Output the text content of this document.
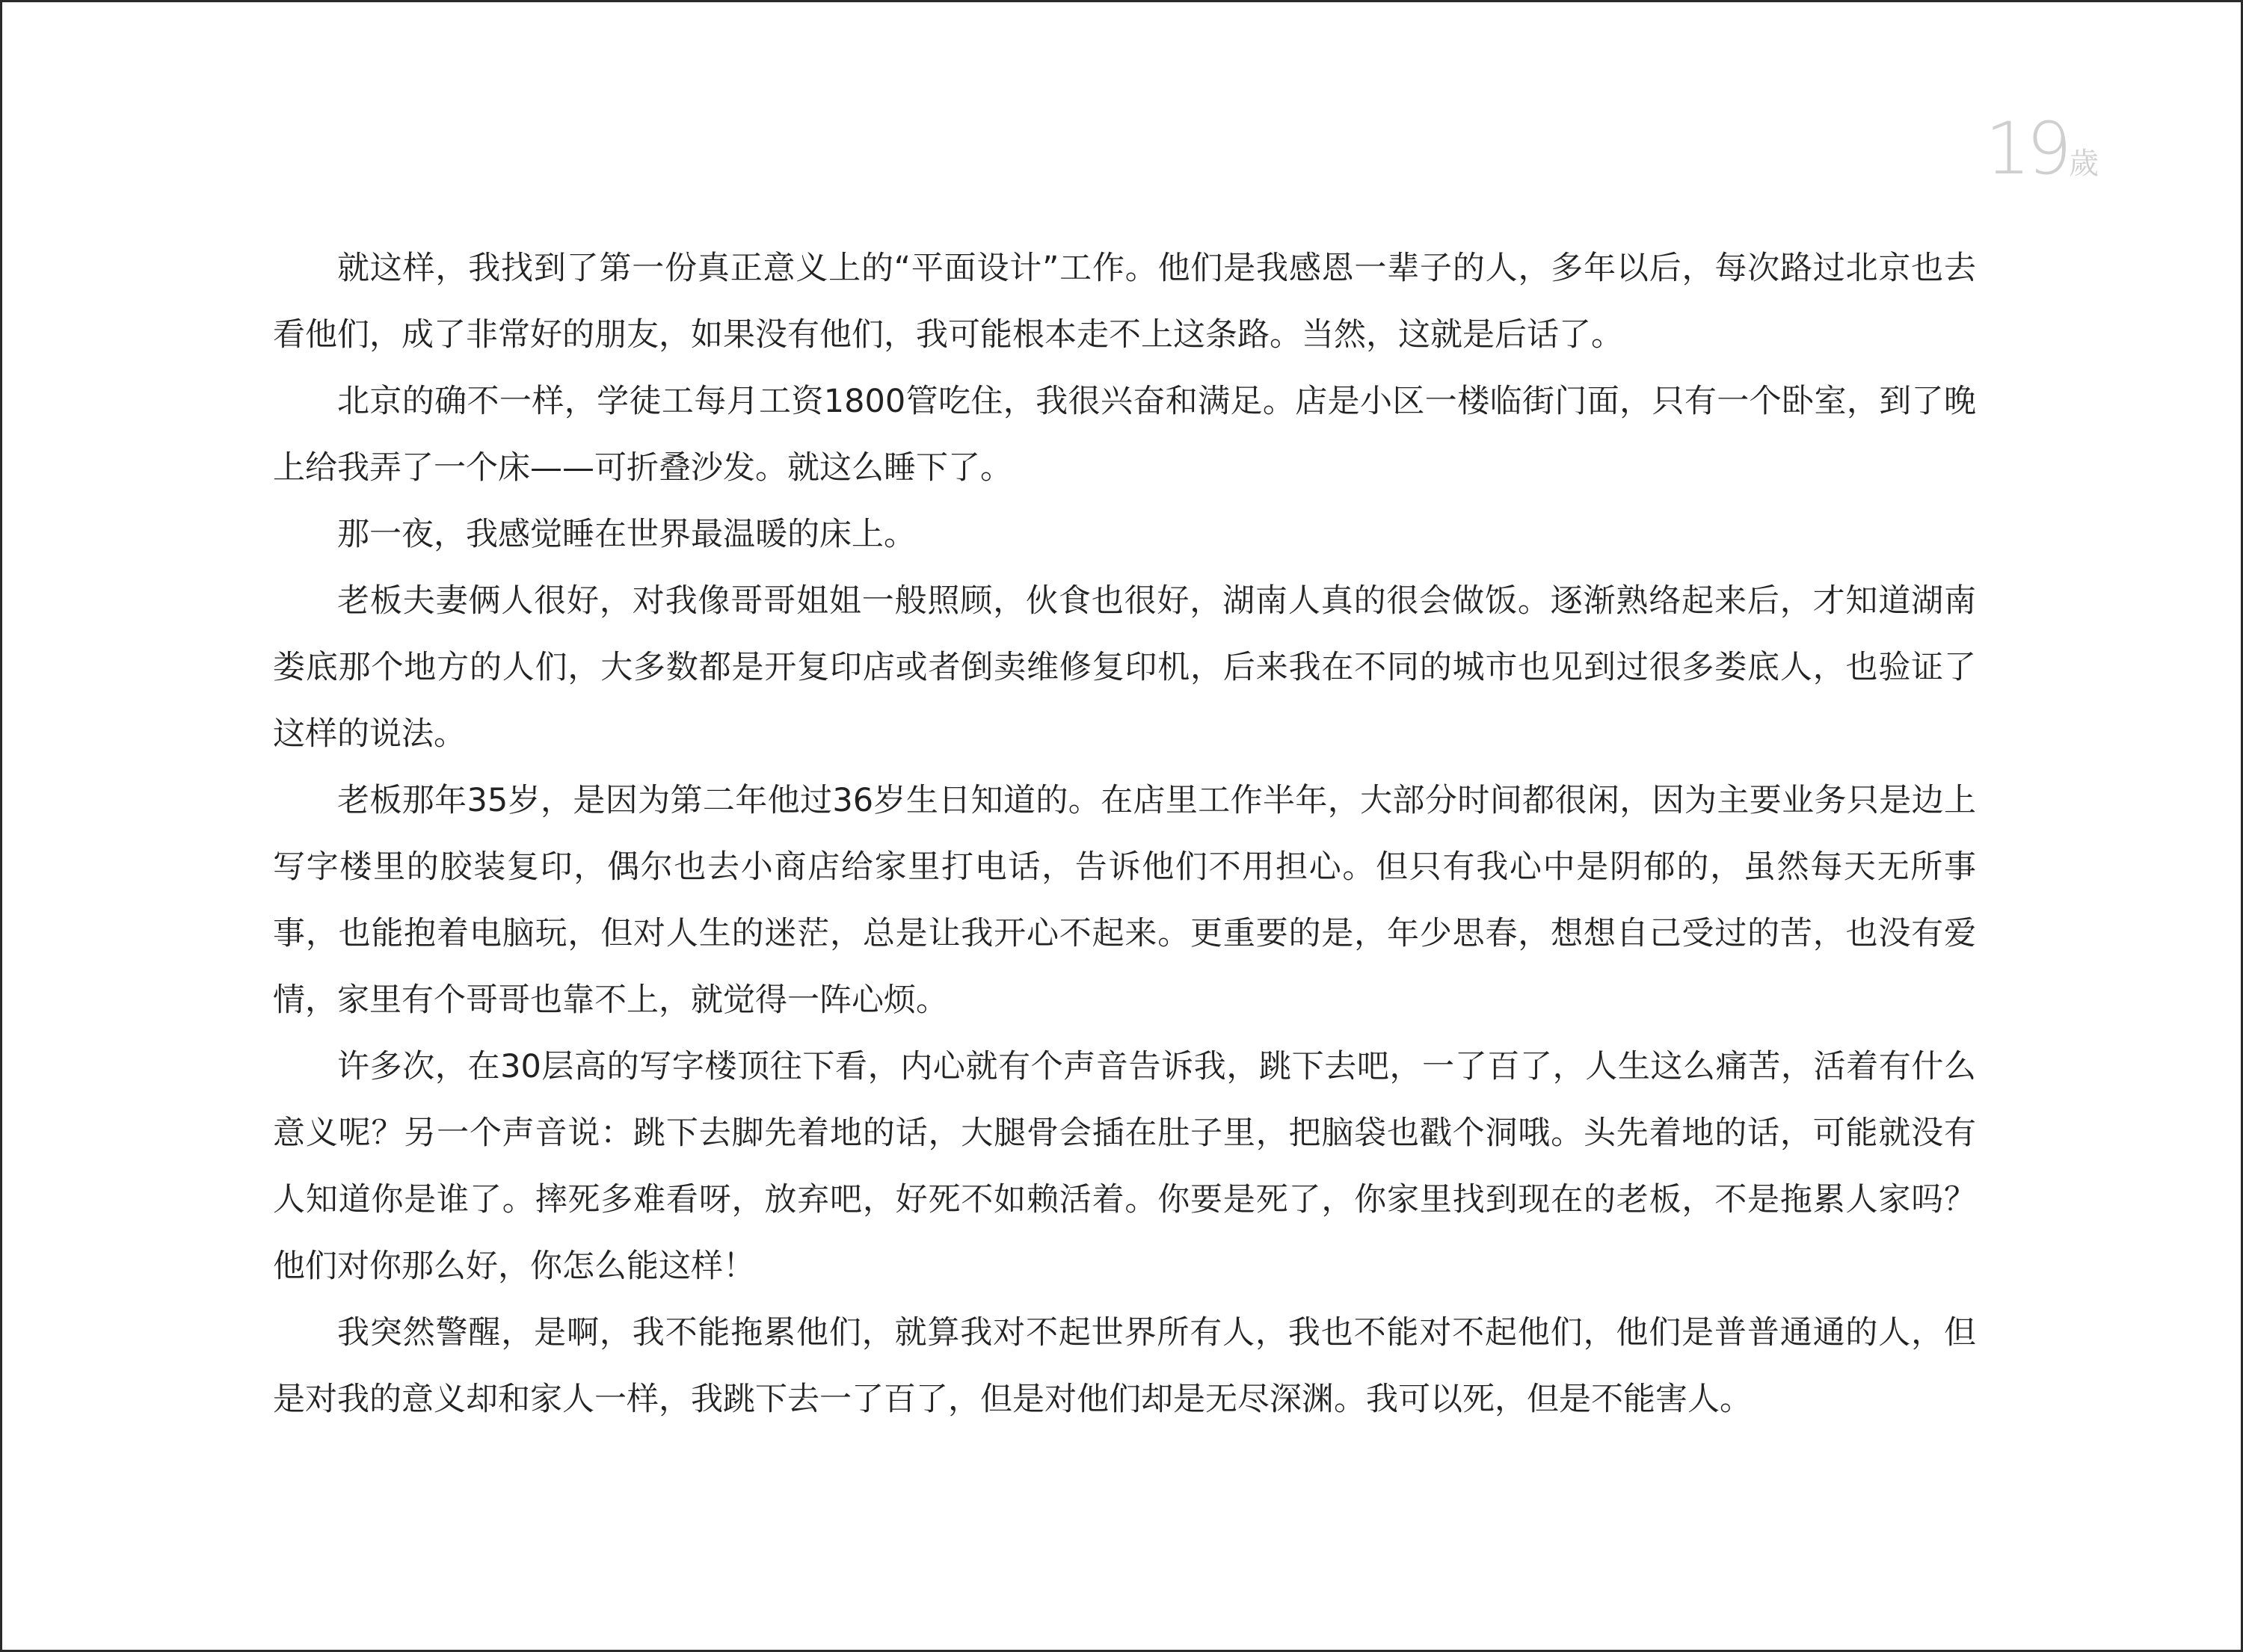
19歲

就这样，我找到了第一份真正意义上的“平面设计”工作。他们是我感恩一辈子的人，多年以后，每次路过北京也去看他们，成了非常好的朋友，如果没有他们，我可能根本走不上这条路。当然，这就是后话了。

北京的确不一样，学徒工每月工资1800管吃住，我很兴奋和满足。店是小区一楼临街门面，只有一个卧室，到了晚上给我弄了一个床——可折叠沙发。就这么睡下了。

那一夜，我感觉睡在世界最温暖的床上。

老板夫妻俩人很好，对我像哥哥姐姐一般照顾，伙食也很好，湖南人真的很会做饭。逐渐熟络起来后，才知道湖南娄底那个地方的人们，大多数都是开复印店或者倒卖维修复印机，后来我在不同的城市也见到过很多娄底人，也验证了这样的说法。

老板那年35岁，是因为第二年他过36岁生日知道的。在店里工作半年，大部分时间都很闲，因为主要业务只是边上写字楼里的胶装复印，偶尔也去小商店给家里打电话，告诉他们不用担心。但只有我心中是阴郁的，虽然每天无所事事，也能抱着电脑玩，但对人生的迷茫，总是让我开心不起来。更重要的是，年少思春，想想自己受过的苦，也没有爱情，家里有个哥哥也靠不上，就觉得一阵心烦。

许多次，在30层高的写字楼顶往下看，内心就有个声音告诉我，跳下去吧，一了百了，人生这么痛苦，活着有什么意义呢？另一个声音说：跳下去脚先着地的话，大腿骨会插在肚子里，把脑袋也戳个洞哦。头先着地的话，可能就没有人知道你是谁了。摔死多难看呀，放弃吧，好死不如赖活着。你要是死了，你家里找到现在的老板，不是拖累人家吗？他们对你那么好，你怎么能这样！

我突然警醒，是啊，我不能拖累他们，就算我对不起世界所有人，我也不能对不起他们，他们是普普通通的人，但是对我的意义却和家人一样，我跳下去一了百了，但是对他们却是无尽深渊。我可以死，但是不能害人。
